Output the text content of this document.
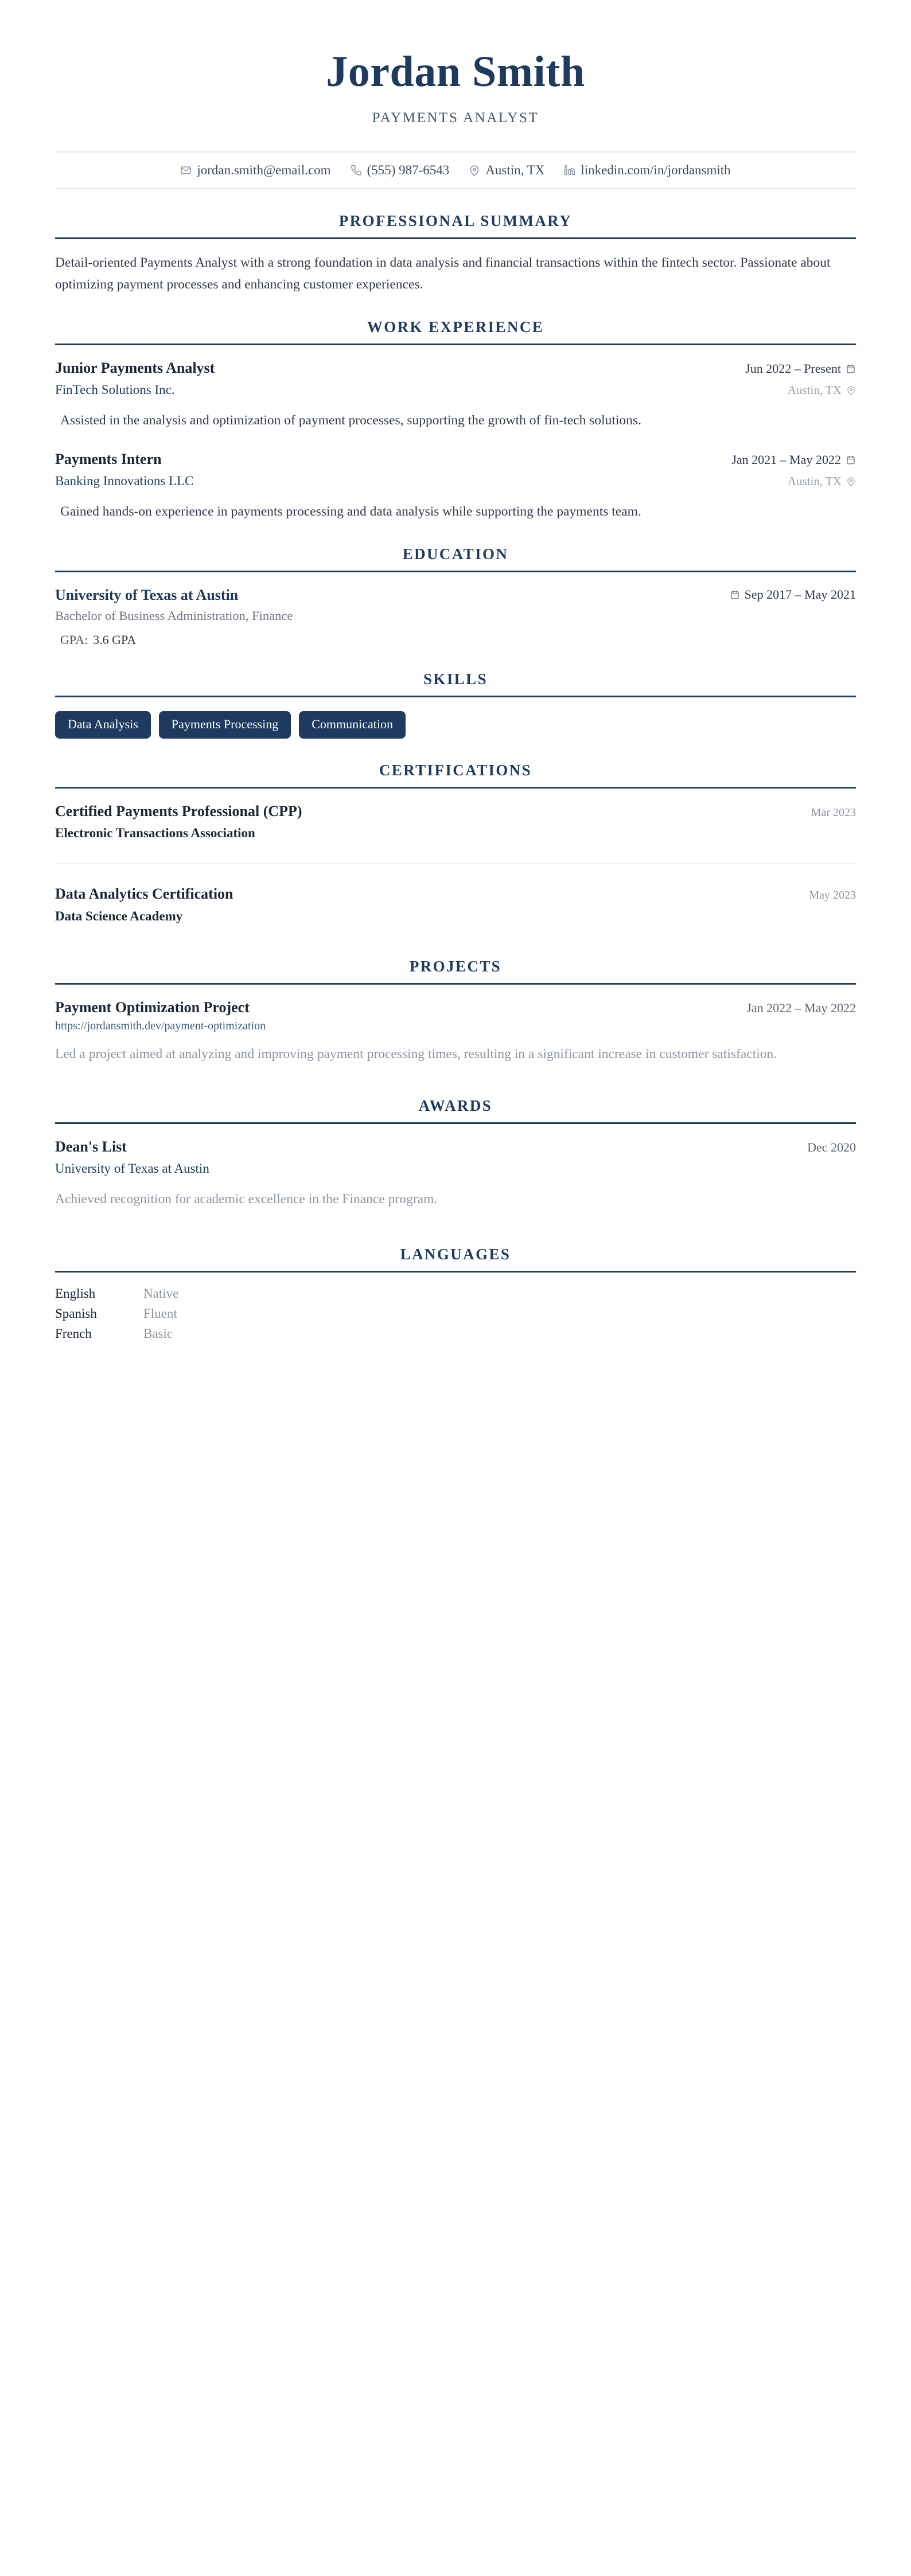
Jordan Smith
PAYMENTS ANALYST
jordan.smith@email.com	(555) 987-6543	Austin, TX	linkedin.com/in/jordansmith
PROFESSIONAL SUMMARY

Detail-oriented Payments Analyst with a strong foundation in data analysis and financial transactions within the fintech sector. Passionate about optimizing payment processes and enhancing customer experiences.

WORK EXPERIENCE
Junior Payments Analyst	Jun 2022 – Present
FinTech Solutions Inc.	Austin, TX
Assisted in the analysis and optimization of payment processes, supporting the growth of fin-tech solutions.
Payments Intern	Jan 2021 – May 2022
Banking Innovations LLC	Austin, TX
Gained hands-on experience in payments processing and data analysis while supporting the payments team.
EDUCATION
University of Texas at Austin	Sep 2017 – May 2021
Bachelor of Business Administration, Finance
GPA: 3.6 GPA
SKILLS
Data Analysis	Payments Processing	Communication
CERTIFICATIONS
Certified Payments Professional (CPP)	Mar 2023
Electronic Transactions Association
Data Analytics Certification	May 2023
Data Science Academy
PROJECTS
Payment Optimization Project	Jan 2022 – May 2022
https://jordansmith.dev/payment-optimization
Led a project aimed at analyzing and improving payment processing times, resulting in a significant increase in customer satisfaction.
AWARDS
Dean's List	Dec 2020
University of Texas at Austin
Achieved recognition for academic excellence in the Finance program.
LANGUAGES
English	Native
Spanish	Fluent
French	Basic
